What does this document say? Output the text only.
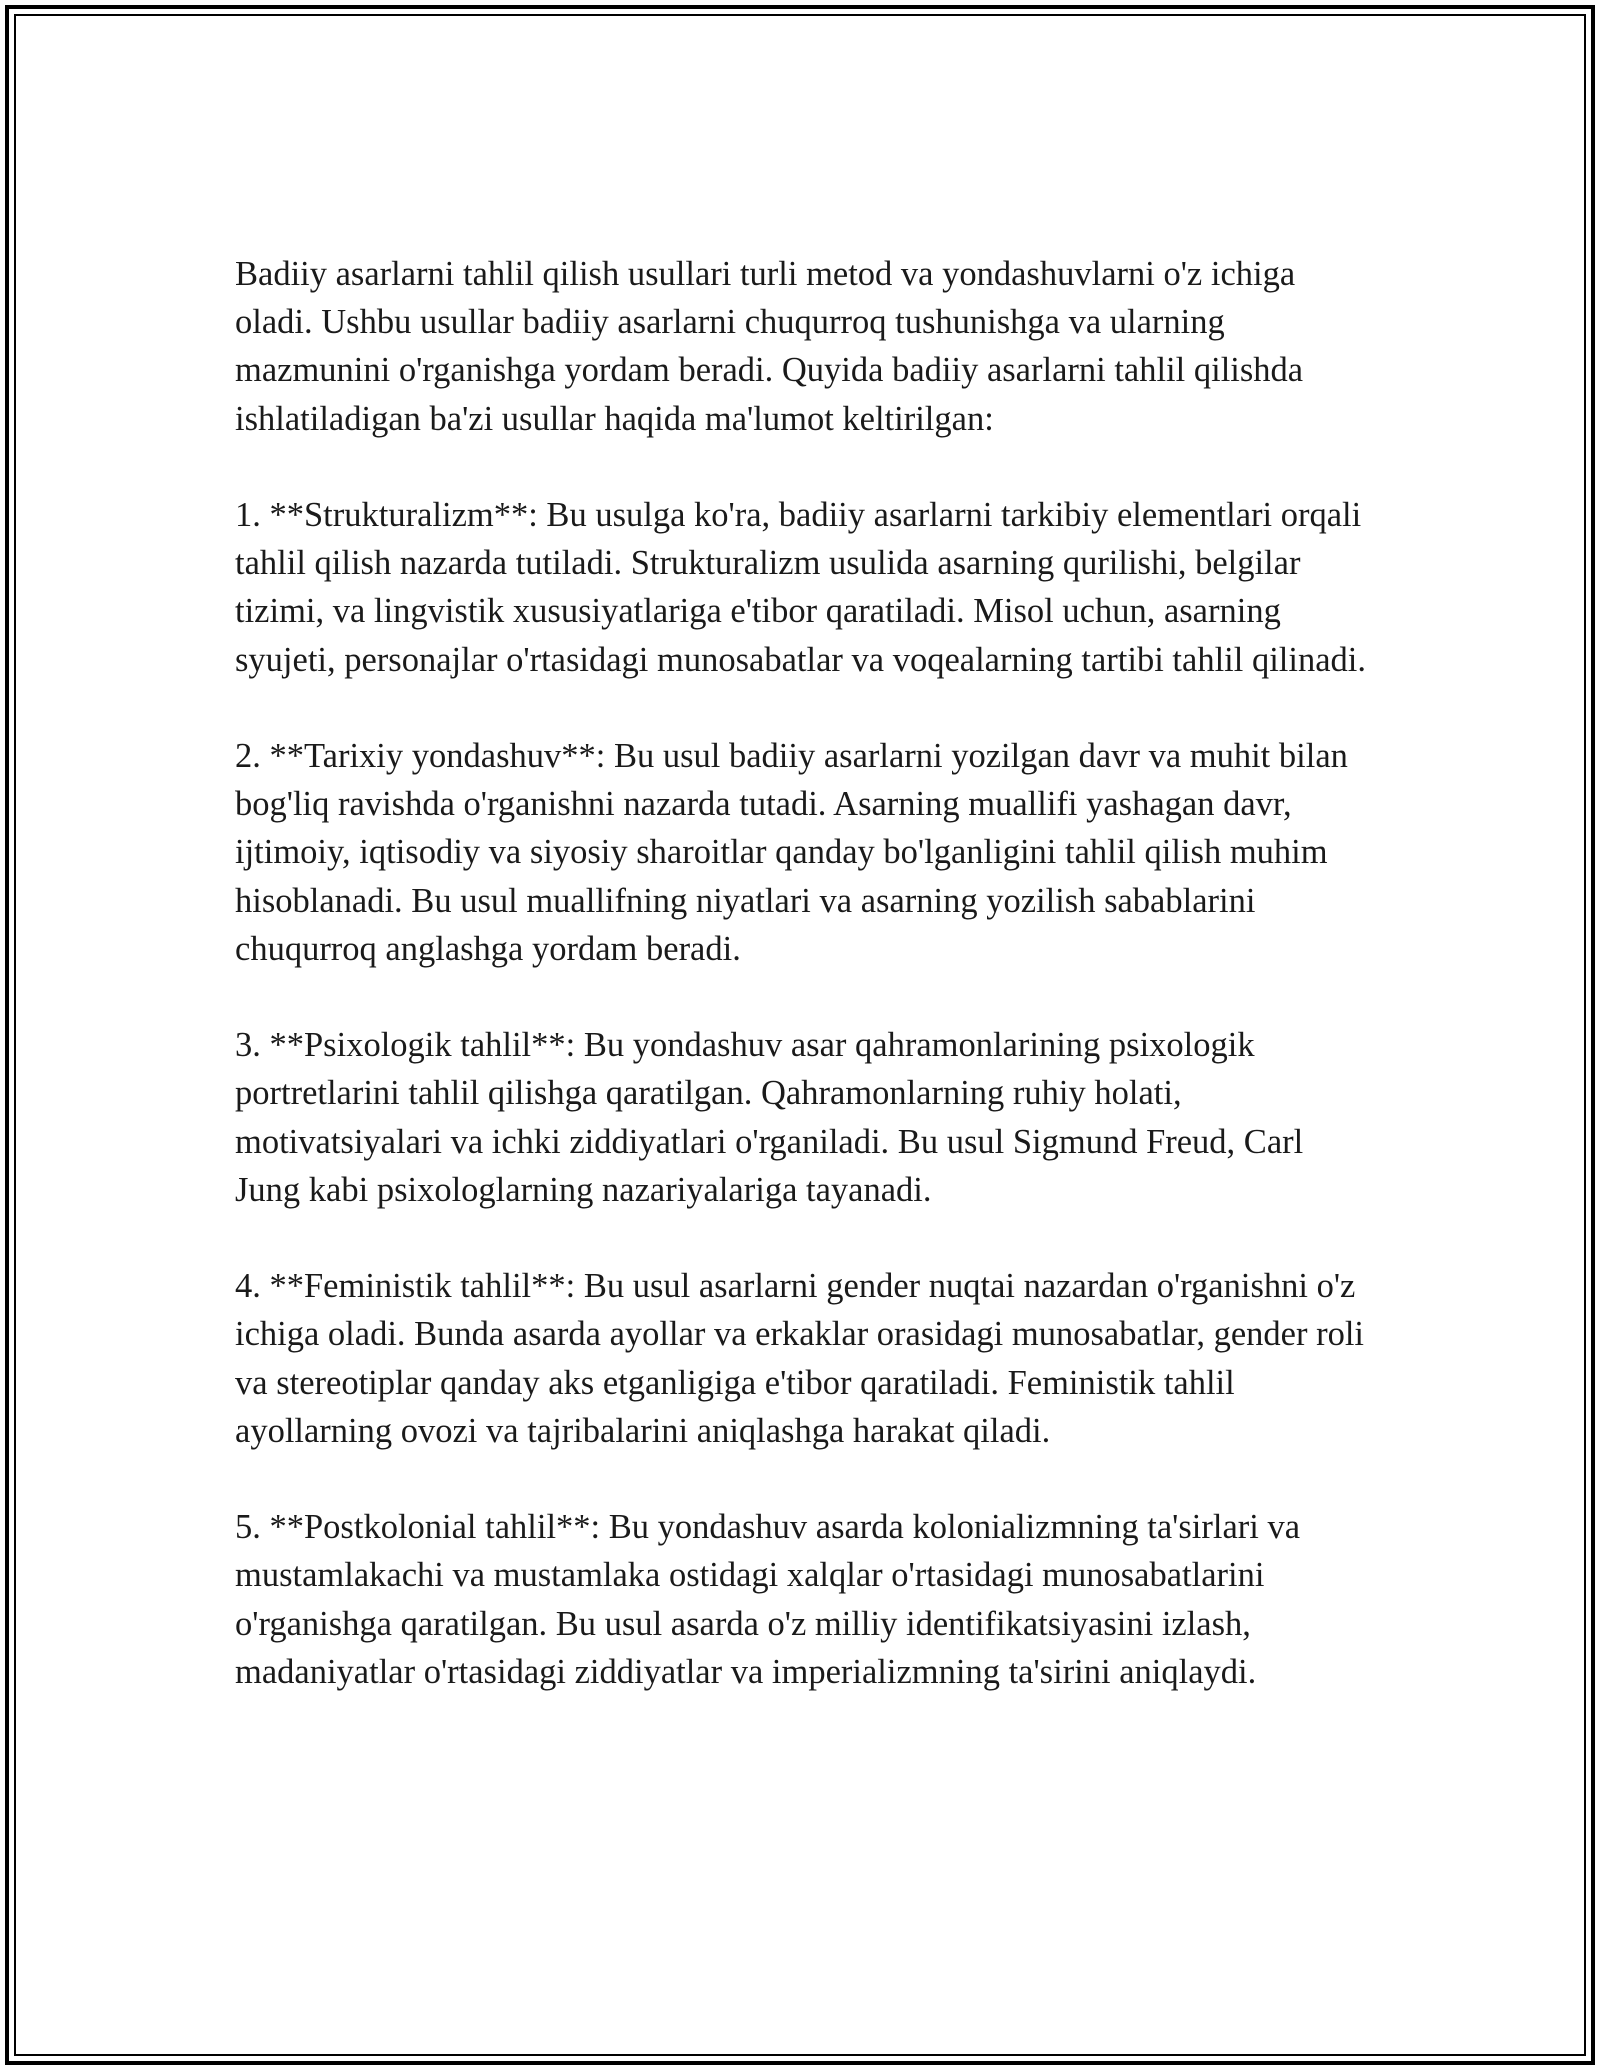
Badiiy asarlarni tahlil qilish usullari turli metod va yondashuvlarni o'z ichiga oladi. Ushbu usullar badiiy asarlarni chuqurroq tushunishga va ularning mazmunini o'rganishga yordam beradi. Quyida badiiy asarlarni tahlil qilishda ishlatiladigan ba'zi usullar haqida ma'lumot keltirilgan:

1. **Strukturalizm**: Bu usulga ko'ra, badiiy asarlarni tarkibiy elementlari orqali tahlil qilish nazarda tutiladi. Strukturalizm usulida asarning qurilishi, belgilar tizimi, va lingvistik xususiyatlariga e'tibor qaratiladi. Misol uchun, asarning syujeti, personajlar o'rtasidagi munosabatlar va voqealarning tartibi tahlil qilinadi.

2. **Tarixiy yondashuv**: Bu usul badiiy asarlarni yozilgan davr va muhit bilan bog'liq ravishda o'rganishni nazarda tutadi. Asarning muallifi yashagan davr, ijtimoiy, iqtisodiy va siyosiy sharoitlar qanday bo'lganligini tahlil qilish muhim hisoblanadi. Bu usul muallifning niyatlari va asarning yozilish sabablarini chuqurroq anglashga yordam beradi.

3. **Psixologik tahlil**: Bu yondashuv asar qahramonlarining psixologik portretlarini tahlil qilishga qaratilgan. Qahramonlarning ruhiy holati, motivatsiyalari va ichki ziddiyatlari o'rganiladi. Bu usul Sigmund Freud, Carl Jung kabi psixologlarning nazariyalariga tayanadi.

4. **Feministik tahlil**: Bu usul asarlarni gender nuqtai nazardan o'rganishni o'z ichiga oladi. Bunda asarda ayollar va erkaklar orasidagi munosabatlar, gender roli va stereotiplar qanday aks etganligiga e'tibor qaratiladi. Feministik tahlil ayollarning ovozi va tajribalarini aniqlashga harakat qiladi.

5. **Postkolonial tahlil**: Bu yondashuv asarda kolonializmning ta'sirlari va mustamlakachi va mustamlaka ostidagi xalqlar o'rtasidagi munosabatlarini o'rganishga qaratilgan. Bu usul asarda o'z milliy identifikatsiyasini izlash, madaniyatlar o'rtasidagi ziddiyatlar va imperializmning ta'sirini aniqlaydi.
